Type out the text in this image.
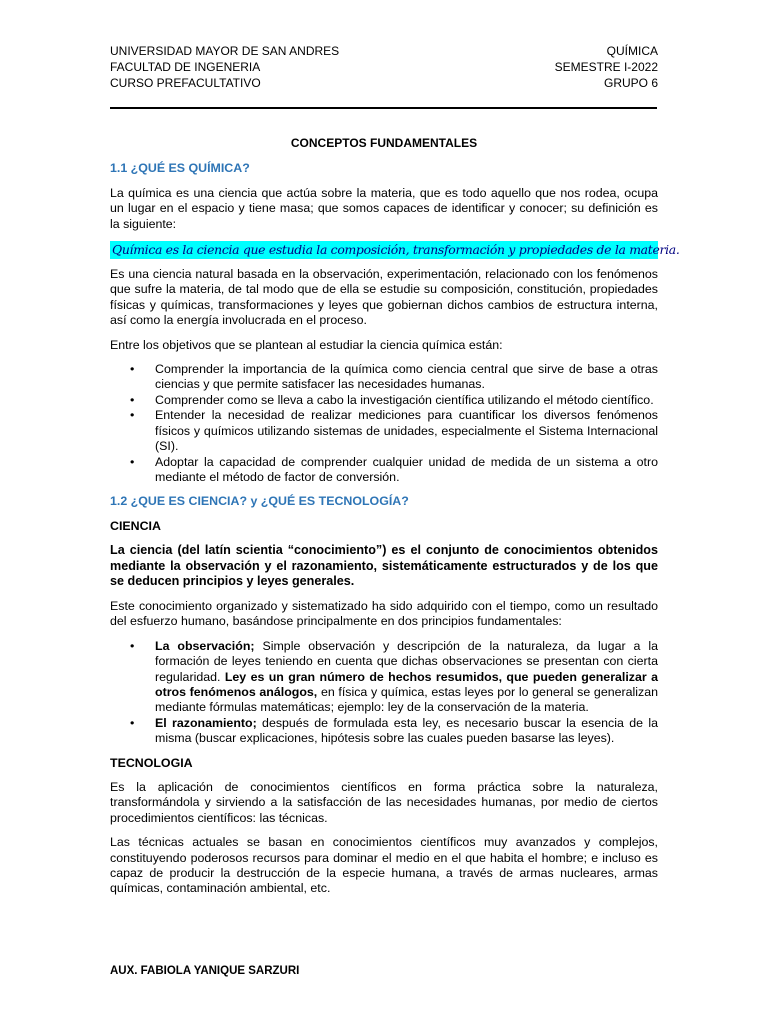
UNIVERSIDAD MAYOR DE SAN ANDRES
FACULTAD DE INGENERIA
CURSO PREFACULTATIVO
QUÍMICA
SEMESTRE I-2022
GRUPO 6
CONCEPTOS FUNDAMENTALES
1.1 ¿QUÉ ES QUÍMICA?

La química es una ciencia que actúa sobre la materia, que es todo aquello que nos rodea, ocupa un lugar en el espacio y tiene masa; que somos capaces de identificar y conocer; su definición es la siguiente:

Química es la ciencia que estudia la composición, transformación y propiedades de la materia.

Es una ciencia natural basada en la observación, experimentación, relacionado con los fenómenos que sufre la materia, de tal modo que de ella se estudie su composición, constitución, propiedades físicas y químicas, transformaciones y leyes que gobiernan dichos cambios de estructura interna, así como la energía involucrada en el proceso.

Entre los objetivos que se plantean al estudiar la ciencia química están:

• Comprender la importancia de la química como ciencia central que sirve de base a otras ciencias y que permite satisfacer las necesidades humanas.
• Comprender como se lleva a cabo la investigación científica utilizando el método científico.
• Entender la necesidad de realizar mediciones para cuantificar los diversos fenómenos físicos y químicos utilizando sistemas de unidades, especialmente el Sistema Internacional (SI).
• Adoptar la capacidad de comprender cualquier unidad de medida de un sistema a otro mediante el método de factor de conversión.
1.2 ¿QUE ES CIENCIA? y ¿QUÉ ES TECNOLOGÍA?
CIENCIA
La ciencia (del latín scientia “conocimiento”) es el conjunto de conocimientos obtenidos mediante la observación y el razonamiento, sistemáticamente estructurados y de los que se deducen principios y leyes generales.

Este conocimiento organizado y sistematizado ha sido adquirido con el tiempo, como un resultado del esfuerzo humano, basándose principalmente en dos principios fundamentales:

• La observación; Simple observación y descripción de la naturaleza, da lugar a la formación de leyes teniendo en cuenta que dichas observaciones se presentan con cierta regularidad. Ley es un gran número de hechos resumidos, que pueden generalizar a otros fenómenos análogos, en física y química, estas leyes por lo general se generalizan mediante fórmulas matemáticas; ejemplo: ley de la conservación de la materia.
• El razonamiento; después de formulada esta ley, es necesario buscar la esencia de la misma (buscar explicaciones, hipótesis sobre las cuales pueden basarse las leyes).
TECNOLOGIA

Es la aplicación de conocimientos científicos en forma práctica sobre la naturaleza, transformándola y sirviendo a la satisfacción de las necesidades humanas, por medio de ciertos procedimientos científicos: las técnicas.

Las técnicas actuales se basan en conocimientos científicos muy avanzados y complejos, constituyendo poderosos recursos para dominar el medio en el que habita el hombre; e incluso es capaz de producir la destrucción de la especie humana, a través de armas nucleares, armas químicas, contaminación ambiental, etc.

AUX. FABIOLA YANIQUE SARZURI
